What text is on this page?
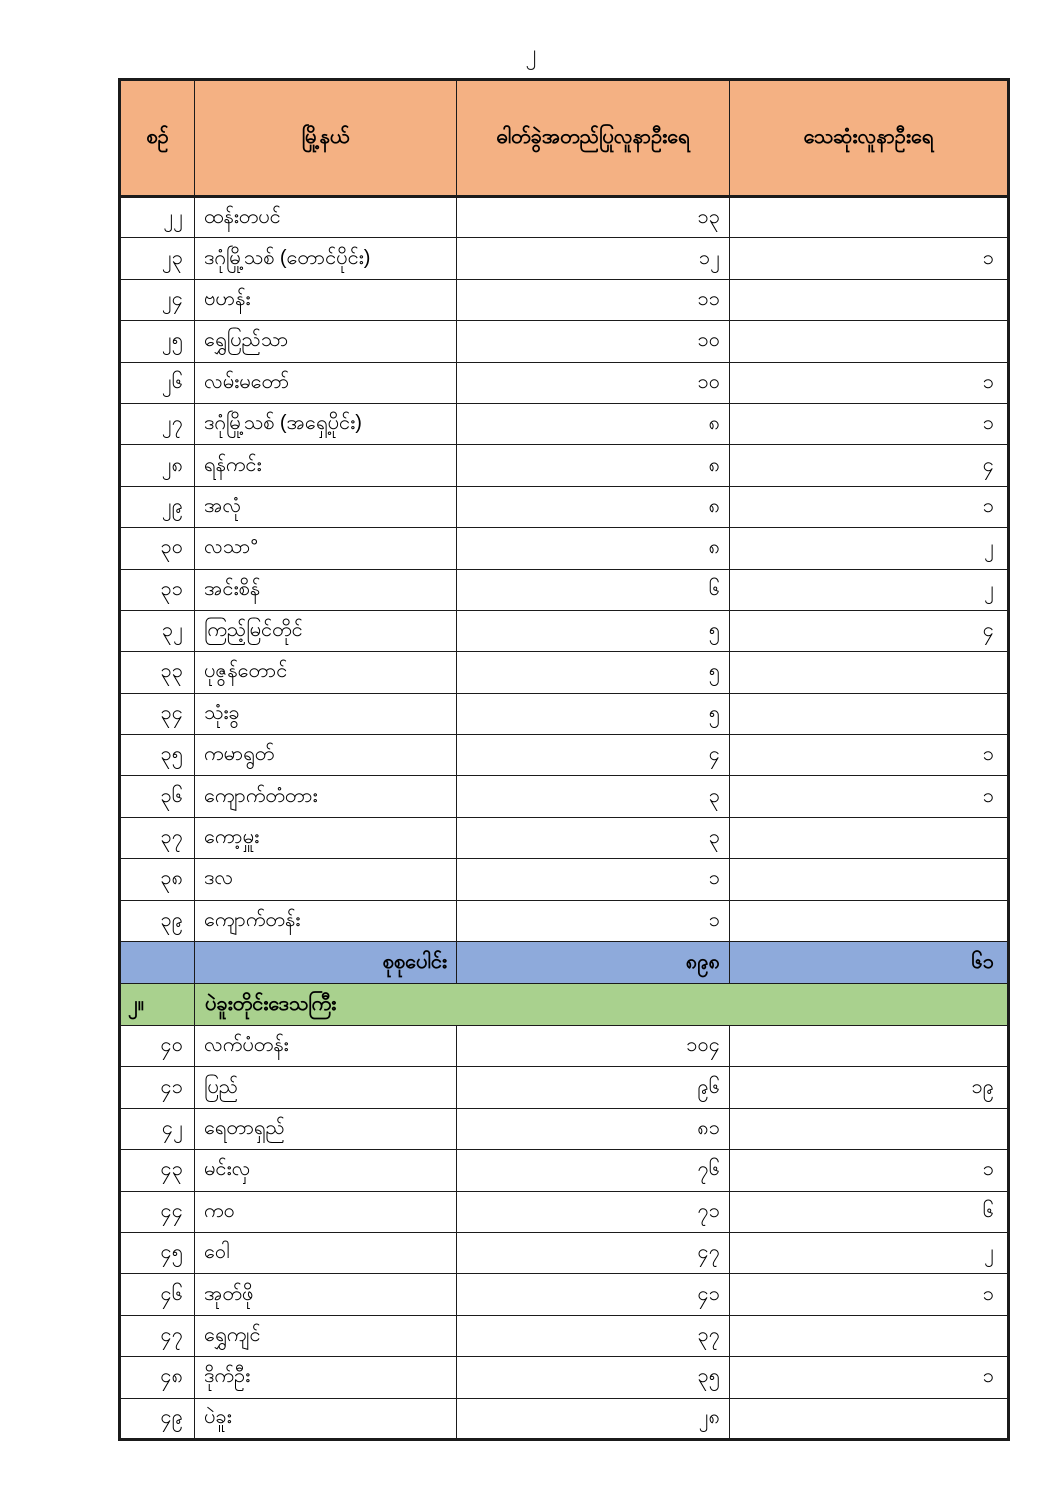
၂
စဉ်	မြို့နယ်	ဓါတ်ခွဲအတည်ပြုလူနာဦးရေ	သေဆုံးလူနာဦးရေ
၂၂	ထန်းတပင်	၁၃	
၂၃	ဒဂုံမြို့သစ် (တောင်ပိုင်း)	၁၂	၁
၂၄	ဗဟန်း	၁၁	
၂၅	ရွှေပြည်သာ	၁၀	
၂၆	လမ်းမတော်	၁၀	၁
၂၇	ဒဂုံမြို့သစ် (အရှေ့ပိုင်း)	၈	၁
၂၈	ရန်ကင်း	၈	၄
၂၉	အလုံ	၈	၁
၃၀	လသာ°	၈	၂
၃၁	အင်းစိန်	၆	၂
၃၂	ကြည့်မြင်တိုင်	၅	၄
၃၃	ပုဇွန်တောင်	၅	
၃၄	သုံးခွ	၅	
၃၅	ကမာရွတ်	၄	၁
၃၆	ကျောက်တံတား	၃	၁
၃၇	ကော့မှူး	၃	
၃၈	ဒလ	၁	
၃၉	ကျောက်တန်း	၁	
	စုစုပေါင်း	၈၉၈	၆၁
၂။	ပဲခူးတိုင်းဒေသကြီး		
၄၀	လက်ပံတန်း	၁၀၄	
၄၁	ပြည်	၉၆	၁၉
၄၂	ရေတာရှည်	၈၁	
၄၃	မင်းလှ	၇၆	၁
၄၄	ကဝ	၇၁	၆
၄၅	ဝေါ	၄၇	၂
၄၆	အုတ်ဖို	၄၁	၁
၄၇	ရွှေကျင်	၃၇	
၄၈	ဒိုက်ဦး	၃၅	၁
၄၉	ပဲခူး	၂၈	
